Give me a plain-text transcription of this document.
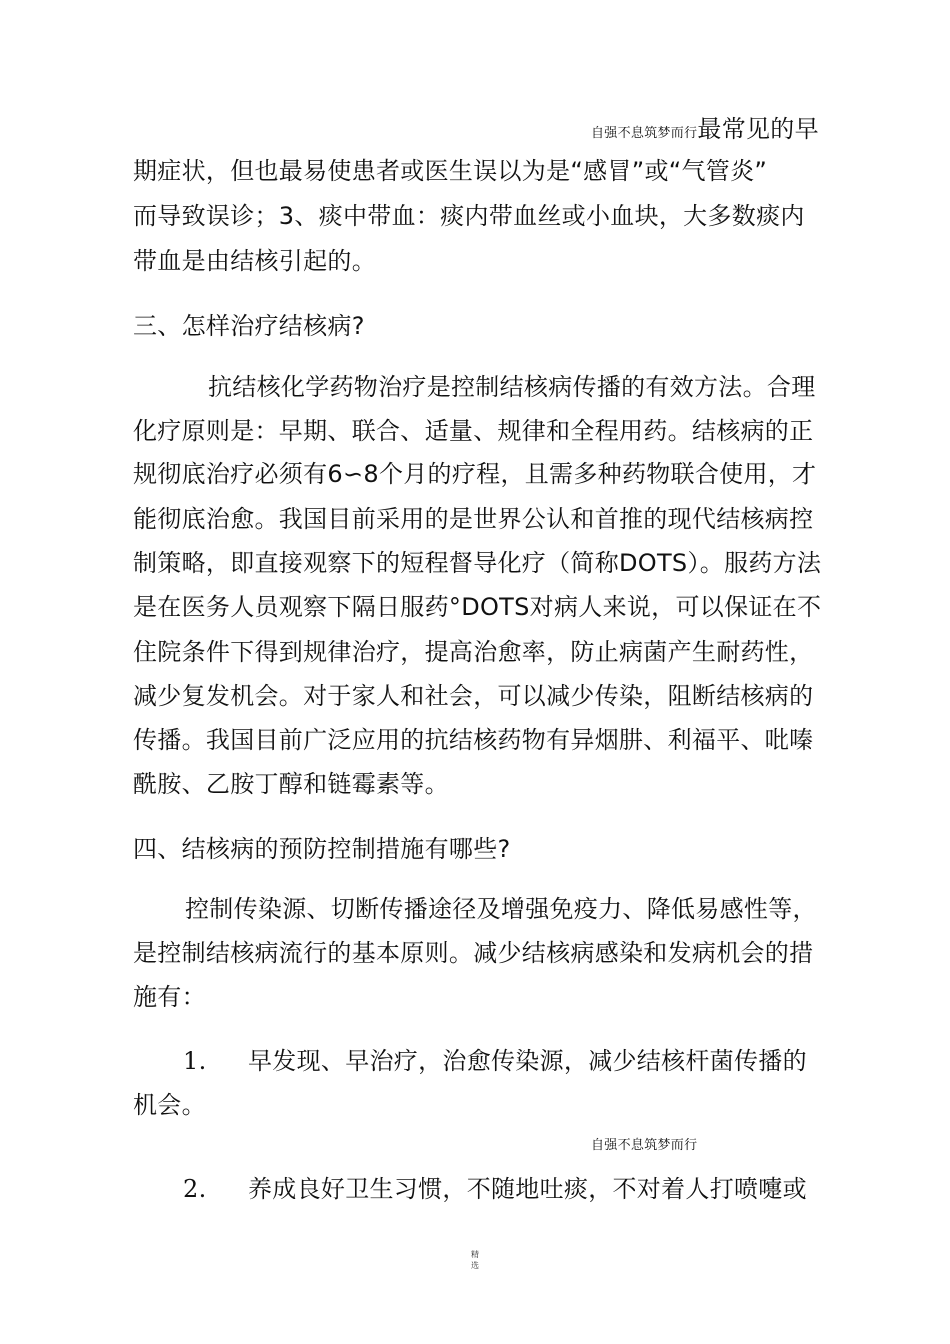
自强不息筑梦而行最常见的早
期症状，但也最易使患者或医生误以为是“感冒”或“气管炎”
而导致误诊；3、痰中带血：痰内带血丝或小血块，大多数痰内
带血是由结核引起的。
三、怎样治疗结核病?
抗结核化学药物治疗是控制结核病传播的有效方法。合理
化疗原则是：早期、联合、适量、规律和全程用药。结核病的正
规彻底治疗必须有6∽8个月的疗程，且需多种药物联合使用，才
能彻底治愈。我国目前采用的是世界公认和首推的现代结核病控
制策略，即直接观察下的短程督导化疗（简称DOTS）。服药方法
是在医务人员观察下隔日服药°DOTS对病人来说，可以保证在不
住院条件下得到规律治疗，提高治愈率，防止病菌产生耐药性，
减少复发机会。对于家人和社会，可以减少传染，阻断结核病的
传播。我国目前广泛应用的抗结核药物有异烟肼、利福平、吡嗪
酰胺、乙胺丁醇和链霉素等。
四、结核病的预防控制措施有哪些?
控制传染源、切断传播途径及增强免疫力、降低易感性等，
是控制结核病流行的基本原则。减少结核病感染和发病机会的措
施有：
1. 早发现、早治疗，治愈传染源，减少结核杆菌传播的
机会。
自强不息筑梦而行
2. 养成良好卫生习惯，不随地吐痰，不对着人打喷嚏或
精
选
